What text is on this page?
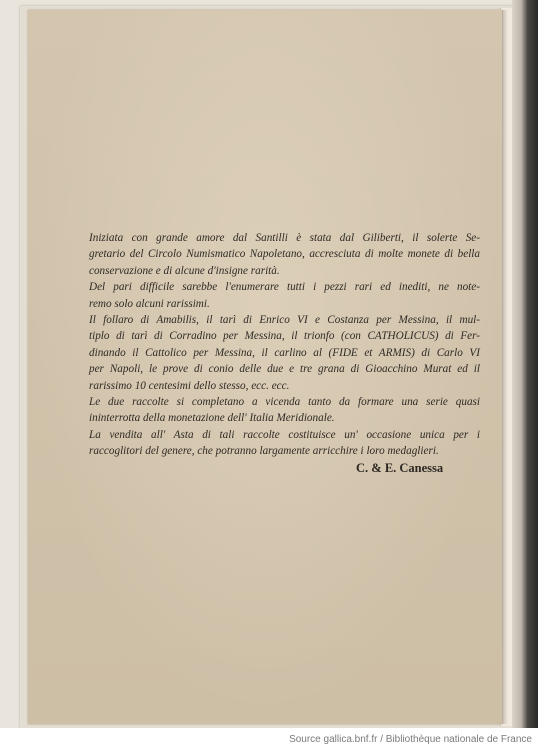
Iniziata con grande amore dal Santilli è stata dal Giliberti, il solerte Se-
gretario del Circolo Numismatico Napoletano, accresciuta di molte monete di bella
conservazione e di alcune d'insigne rarità.
Del pari difficile sarebbe l'enumerare tutti i pezzi rari ed inediti, ne note-
remo solo alcuni rarissimi.
Il follaro di Amabilis, il tarì di Enrico VI e Costanza per Messina, il mul-
tiplo di tarì di Corradino per Messina, il trionfo (con CATHOLICUS) di Fer-
dinando il Cattolico per Messina, il carlino al (FIDE et ARMIS) di Carlo VI
per Napoli, le prove di conio delle due e tre grana di Gioacchino Murat ed il
rarissimo 10 centesimi dello stesso, ecc. ecc.
Le due raccolte si completano a vicenda tanto da formare una serie quasi
ininterrotta della monetazione dell' Italia Meridionale.
La vendita all' Asta di tali raccolte costituisce un' occasione unica per i
raccoglitori del genere, che potranno largamente arricchire i loro medaglieri.
C. & E. Canessa
Source gallica.bnf.fr / Bibliothèque nationale de France
